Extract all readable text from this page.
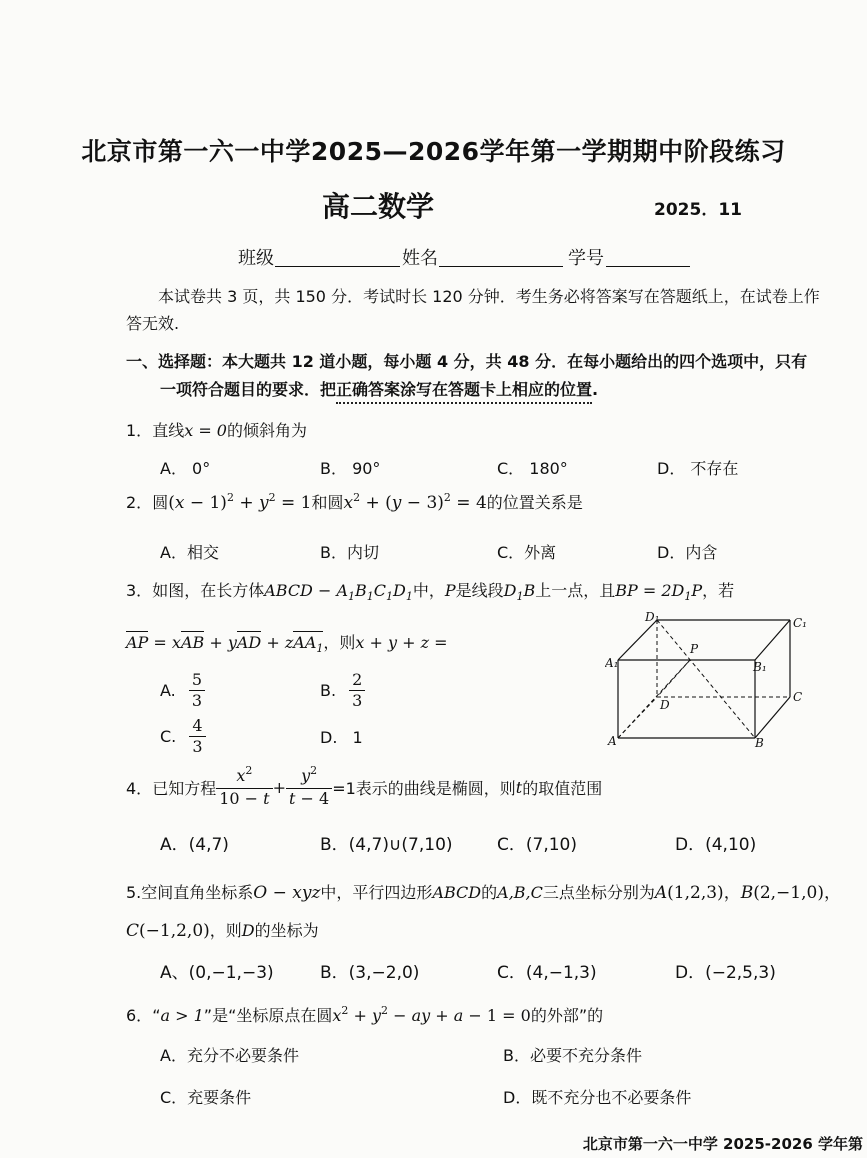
北京市第一六一中学2025—2026学年第一学期期中阶段练习
高二数学	2025．11
班级	姓名	学号
本试卷共 3 页，共 150 分．考试时长 120 分钟．考生务必将答案写在答题纸上，在试卷上作
答无效.
一、选择题：本大题共 12 道小题，每小题 4 分，共 48 分．在每小题给出的四个选项中，只有
一项符合题目的要求．把正确答案涂写在答题卡上相应的位置.
1．直线x = 0的倾斜角为
A． 0°	B． 90°	C． 180°	D． 不存在
2．圆$(x - 1)^2 + y^2 = 1$和圆$x^2 + (y - 3)^2 = 4$的位置关系是
A．相交	B．内切	C．外离	D．内含
3．如图，在长方体ABCD − $A_1B_1C_1D_1$中，P是线段$D_1B$上一点，且BP = $2D_1P$，若
AP = xAB + yAD + zAA$_1$，则x + y + z =
A. $\frac{5}{3}$	B. $\frac{2}{3}$
C. $\frac{4}{3}$	D. 1
D₁	C₁
A₁	B₁
P
D
C
A	B
4．已知方程 $\frac{x^2}{10 - t} + \frac{y^2}{t - 4} =1$表示的曲线是椭圆，则t的取值范围
A．(4,7)	B．(4,7)∪(7,10)	C．(7,10)	D．(4,10)
5.空间直角坐标系O − xyz中，平行四边形ABCD的A,B,C三点坐标分别为A(1,2,3)，B(2,−1,0)，
C(−1,2,0)，则D的坐标为
A、(0,−1,−3)	B．(3,−2,0)	C．(4,−1,3)	D．(−2,5,3)
6．“a > 1”是“坐标原点在圆$x^2 + y^2$ − ay + a − 1 = 0的外部”的
A．充分不必要条件	B．必要不充分条件
C．充要条件	D．既不充分也不必要条件
北京市第一六一中学 2025-2026 学年第
